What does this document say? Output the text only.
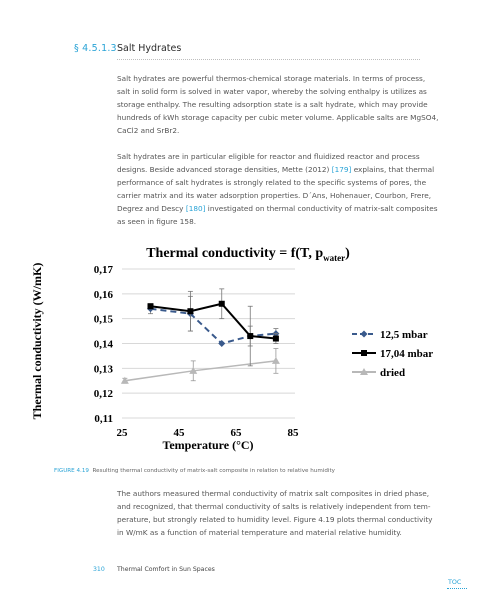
§ 4.5.1.3 Salt Hydrates
Salt hydrates are powerful thermos-chemical storage materials. In terms of process,
salt in solid form is solved in water vapor, whereby the solving enthalpy is utilizes as
storage enthalpy. The resulting adsorption state is a salt hydrate, which may provide
hundreds of kWh storage capacity per cubic meter volume. Applicable salts are MgSO4,
CaCl2 and SrBr2.
Salt hydrates are in particular eligible for reactor and fluidized reactor and process
designs. Beside advanced storage densities, Mette (2012) [179] explains, that thermal
performance of salt hydrates is strongly related to the specific systems of pores, the
carrier matrix and its water adsorption properties. D´Ans, Hohenauer, Courbon, Frere,
Degrez and Descy [180] investigated on thermal conductivity of matrix-salt composites
as seen in figure 158.
Thermal conductivity = f(T, $p_{water}$)
Thermal conductivity (W/mK)
Temperature (°C)
0,17
0,16
0,15
0,14
0,13
0,12
0,11
25	45	65	85
12,5 mbar
17,04 mbar
dried
FIGURE 4.19 Resulting thermal conductivity of matrix-salt composite in relation to relative humidity
The authors measured thermal conductivity of matrix salt composites in dried phase,
and recognized, that thermal conductivity of salts is relatively independent from tem-
perature, but strongly related to humidity level. Figure 4.19 plots thermal conductivity
in W/mK as a function of material temperature and material relative humidity.
310 Thermal Comfort in Sun Spaces
TOC
